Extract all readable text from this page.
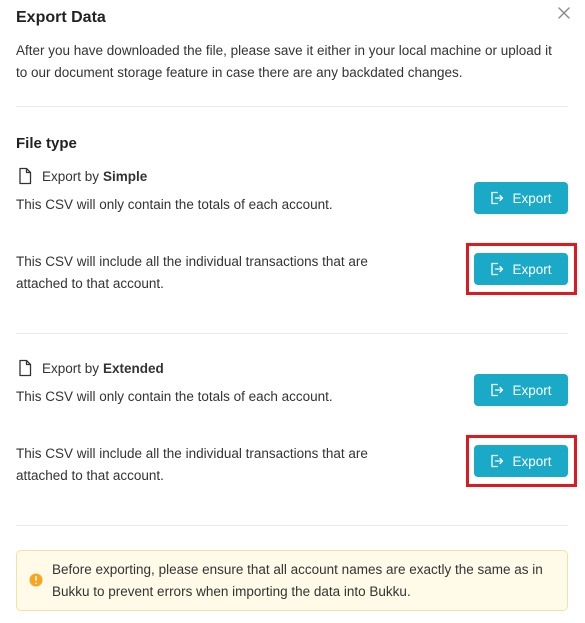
Export Data
After you have downloaded the file, please save it either in your local machine or upload it to our document storage feature in case there are any backdated changes.
File type
Export by Simple
This CSV will only contain the totals of each account.	Export
This CSV will include all the individual transactions that are attached to that account.
Export
Export by Extended
This CSV will only contain the totals of each account.	Export
This CSV will include all the individual transactions that are attached to that account.
Export
Before exporting, please ensure that all account names are exactly the same as in Bukku to prevent errors when importing the data into Bukku.
